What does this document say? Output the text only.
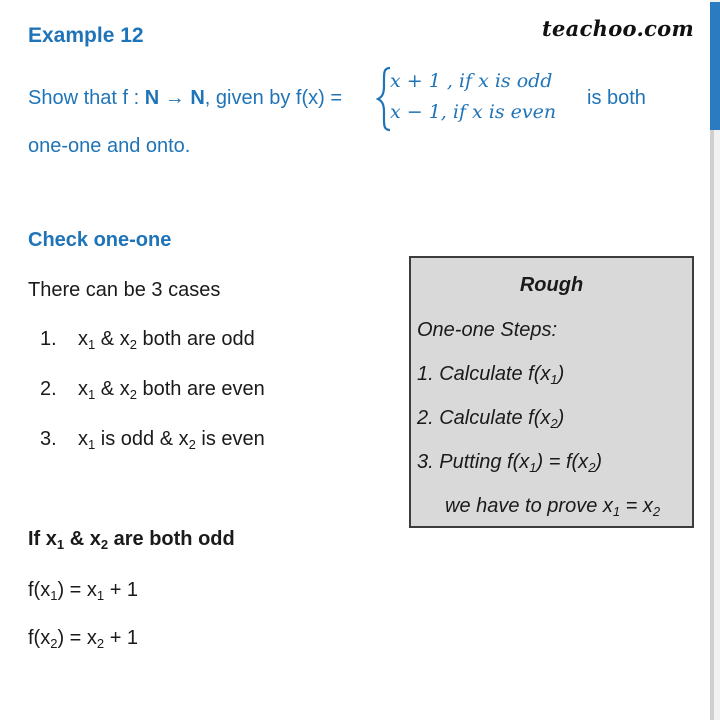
Example 12	teachoo.com
Show that f : N → N, given by f(x) =
x + 1 , if x is odd
x − 1, if x is even
is both
one-one and onto.
Check one-one
There can be 3 cases
1. $x_1$ & $x_2$ both are odd
2. $x_1$ & $x_2$ both are even
3. $x_1$ is odd & $x_2$ is even
If $x_1$ & $x_2$ are both odd
$f(x_1) = x_1 + 1$
$f(x_2) = x_2 + 1$
Rough
One-one Steps:
1. Calculate $f(x_1)$
2. Calculate $f(x_2)$
3. Putting $f(x_1) = f(x_2)$
we have to prove $x_1 = x_2$
